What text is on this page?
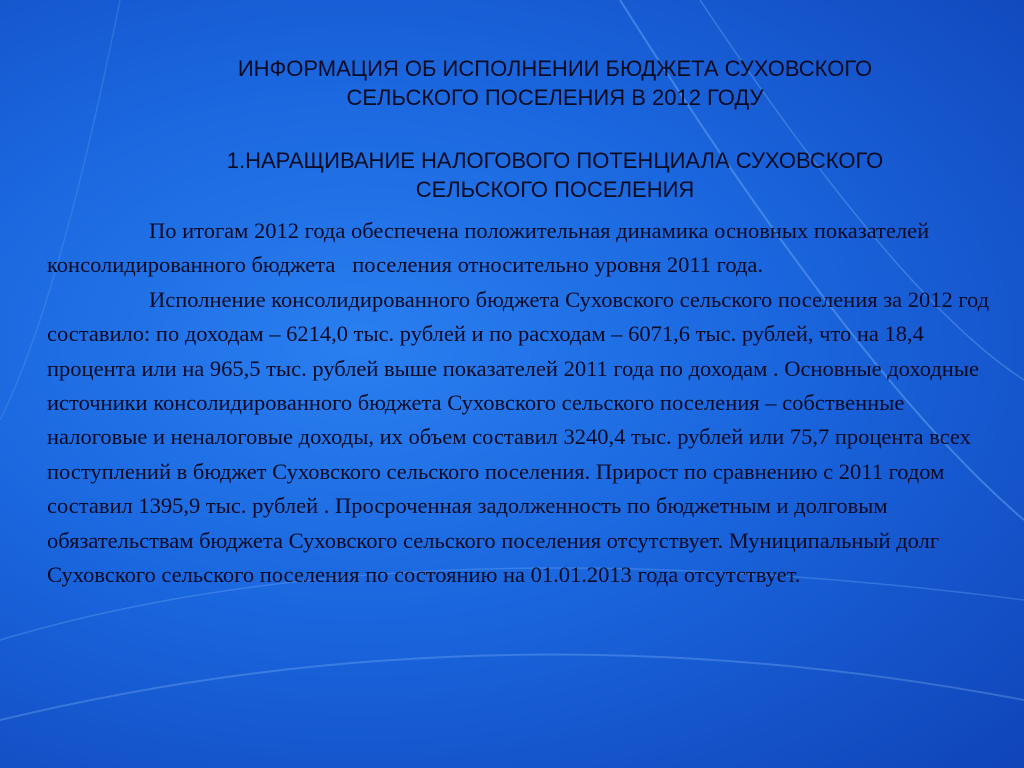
ИНФОРМАЦИЯ ОБ ИСПОЛНЕНИИ БЮДЖЕТА СУХОВСКОГО
СЕЛЬСКОГО ПОСЕЛЕНИЯ В 2012 ГОДУ
1.НАРАЩИВАНИЕ НАЛОГОВОГО ПОТЕНЦИАЛА СУХОВСКОГО
СЕЛЬСКОГО ПОСЕЛЕНИЯ

По итогам 2012 года обеспечена положительная динамика основных показателей   консолидированного бюджета   поселения относительно уровня 2011 года.

Исполнение консолидированного бюджета Суховского сельского поселения за 2012 год составило: по доходам – 6214,0 тыс. рублей и по расходам – 6071,6 тыс. рублей, что на 18,4 процента или на 965,5 тыс. рублей выше показателей 2011 года по доходам . Основные доходные источники консолидированного бюджета Суховского сельского поселения – собственные налоговые и неналоговые доходы, их объем составил 3240,4 тыс. рублей или 75,7 процента всех поступлений в бюджет Суховского сельского поселения. Прирост по сравнению с 2011 годом составил 1395,9 тыс. рублей . Просроченная задолженность по бюджетным и долговым обязательствам бюджета Суховского сельского поселения отсутствует. Муниципальный долг Суховского сельского поселения по состоянию на 01.01.2013 года отсутствует.
